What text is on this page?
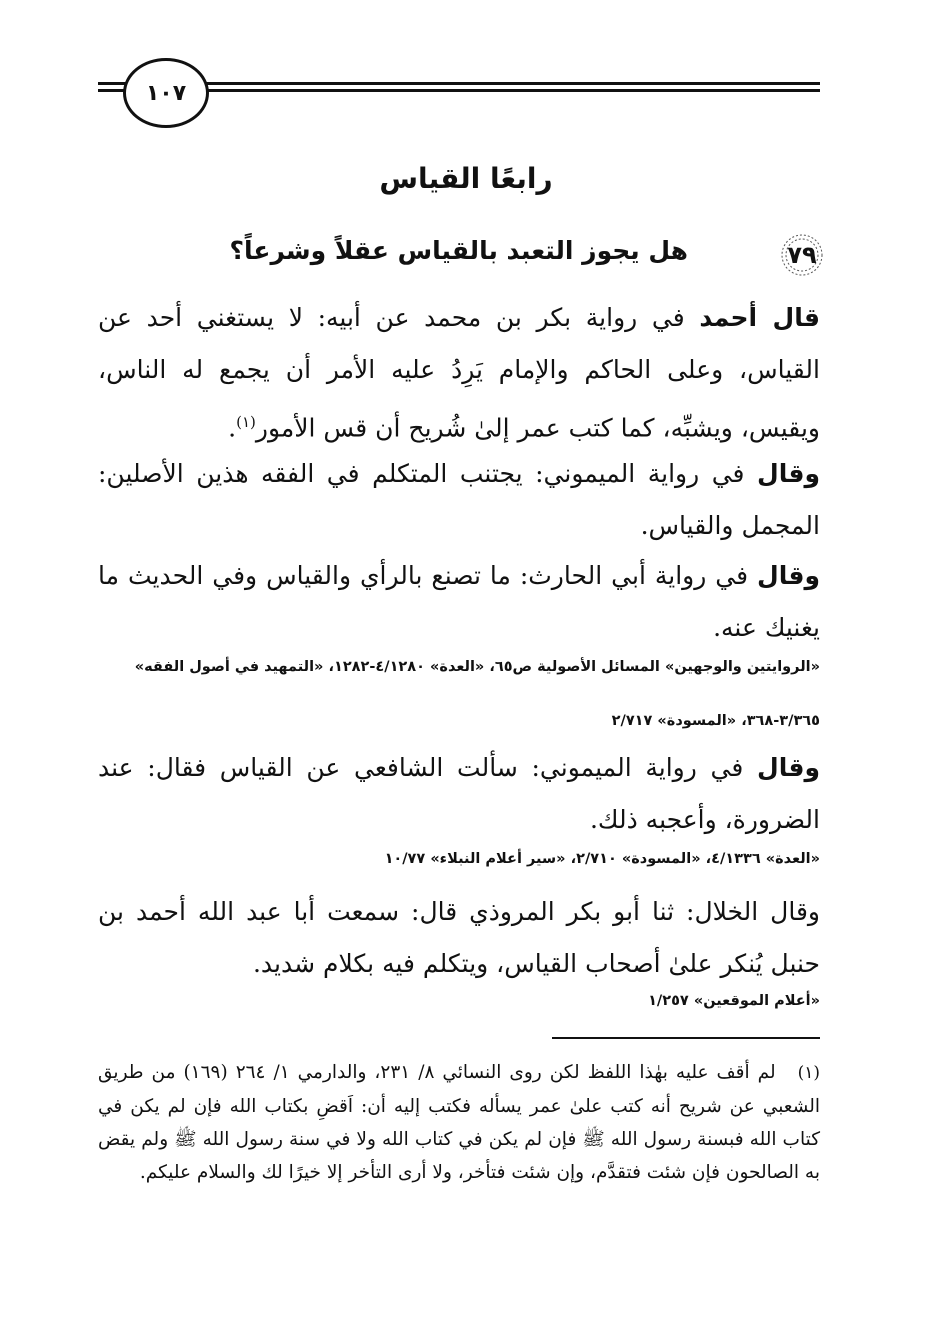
١٠٧
رابعًا القياس
٧٩
هل يجوز التعبد بالقياس عقلاً وشرعاً؟
قال أحمد في رواية بكر بن محمد عن أبيه: لا يستغني أحد عن القياس، وعلى الحاكم والإمام يَرِدُ عليه الأمر أن يجمع له الناس، ويقيس، ويشبِّه، كما كتب عمر إلىٰ شُريح أن قس الأمور$^{(١)}$.
وقال في رواية الميموني: يجتنب المتكلم في الفقه هذين الأصلين: المجمل والقياس.
وقال في رواية أبي الحارث: ما تصنع بالرأي والقياس وفي الحديث ما يغنيك عنه.
«الروايتين والوجهين» المسائل الأصولية ص٦٥، «العدة» ٤/١٢٨٠-١٢٨٢، «التمهيد في أصول الفقه» ٣/٣٦٥-٣٦٨، «المسودة» ٢/٧١٧
وقال في رواية الميموني: سألت الشافعي عن القياس فقال: عند الضرورة، وأعجبه ذلك.
«العدة» ٤/١٣٣٦، «المسودة» ٢/٧١٠، «سير أعلام النبلاء» ١٠/٧٧
وقال الخلال: ثنا أبو بكر المروذي قال: سمعت أبا عبد الله أحمد بن حنبل يُنكر علىٰ أصحاب القياس، ويتكلم فيه بكلام شديد.
«أعلام الموقعين» ١/٢٥٧
(١)لم أقف عليه بهٰذا اللفظ لكن روى النسائي ٨/ ٢٣١، والدارمي ١/ ٢٦٤ (١٦٩) من طريق الشعبي عن شريح أنه كتب علىٰ عمر يسأله فكتب إليه أن: اَقضِ بكتاب الله فإن لم يكن في كتاب الله فبسنة رسول الله ﷺ فإن لم يكن في كتاب الله ولا في سنة رسول الله ﷺ ولم يقض به الصالحون فإن شئت فتقدَّم، وإن شئت فتأخر، ولا أرى التأخر إلا خيرًا لك والسلام عليكم.
